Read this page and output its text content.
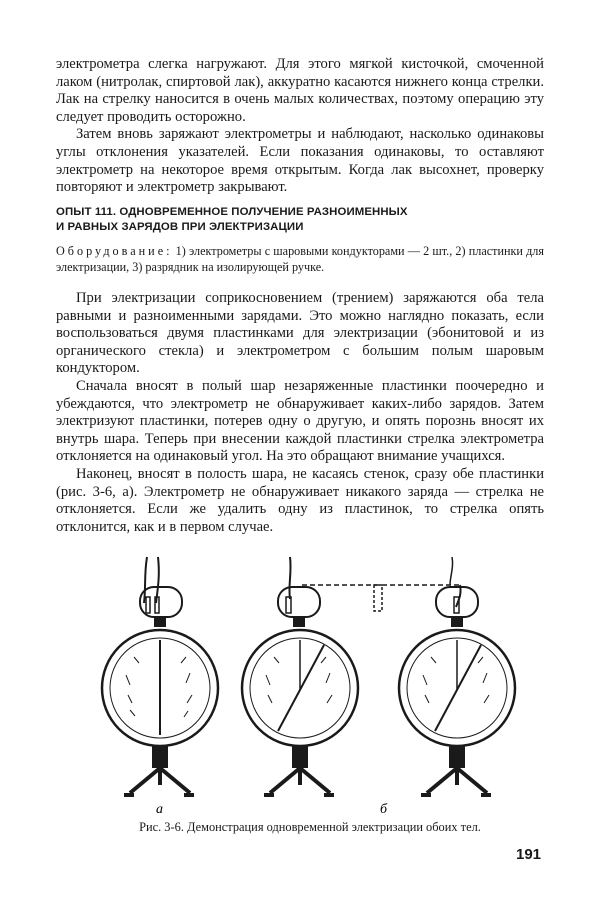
электрометра слегка нагружают. Для этого мягкой кисточкой, смоченной лаком (нитролак, спиртовой лак), аккуратно касаются нижнего конца стрелки. Лак на стрелку наносится в очень малых количествах, поэтому операцию эту следует проводить осторожно.

Затем вновь заряжают электрометры и наблюдают, насколько одинаковы углы отклонения указателей. Если показания одинаковы, то оставляют электрометр на некоторое время открытым. Когда лак высохнет, проверку повторяют и электрометр закрывают.

ОПЫТ 111. ОДНОВРЕМЕННОЕ ПОЛУЧЕНИЕ РАЗНОИМЕННЫХ
И РАВНЫХ ЗАРЯДОВ ПРИ ЭЛЕКТРИЗАЦИИ
Оборудование: 1) электрометры с шаровыми кондукторами — 2 шт., 2) пластинки для электризации, 3) разрядник на изолирующей ручке.

При электризации соприкосновением (трением) заряжаются оба тела равными и разноименными зарядами. Это можно наглядно показать, если воспользоваться двумя пластинками для электризации (эбонитовой и из органического стекла) и электрометром с большим полым шаровым кондуктором.

Сначала вносят в полый шар незаряженные пластинки поочередно и убеждаются, что электрометр не обнаруживает каких-либо зарядов. Затем электризуют пластинки, потерев одну о другую, и опять порознь вносят их внутрь шара. Теперь при внесении каждой пластинки стрелка электрометра отклоняется на одинаковый угол. На это обращают внимание учащихся.

Наконец, вносят в полость шара, не касаясь стенок, сразу обе пластинки (рис. 3-6, а). Электрометр не обнаруживает никакого заряда — стрелка не отклоняется. Если же удалить одну из пластинок, то стрелка опять отклонится, как и в первом случае.

а	б
Рис. 3-6. Демонстрация одновременной электризации обоих тел.
191
